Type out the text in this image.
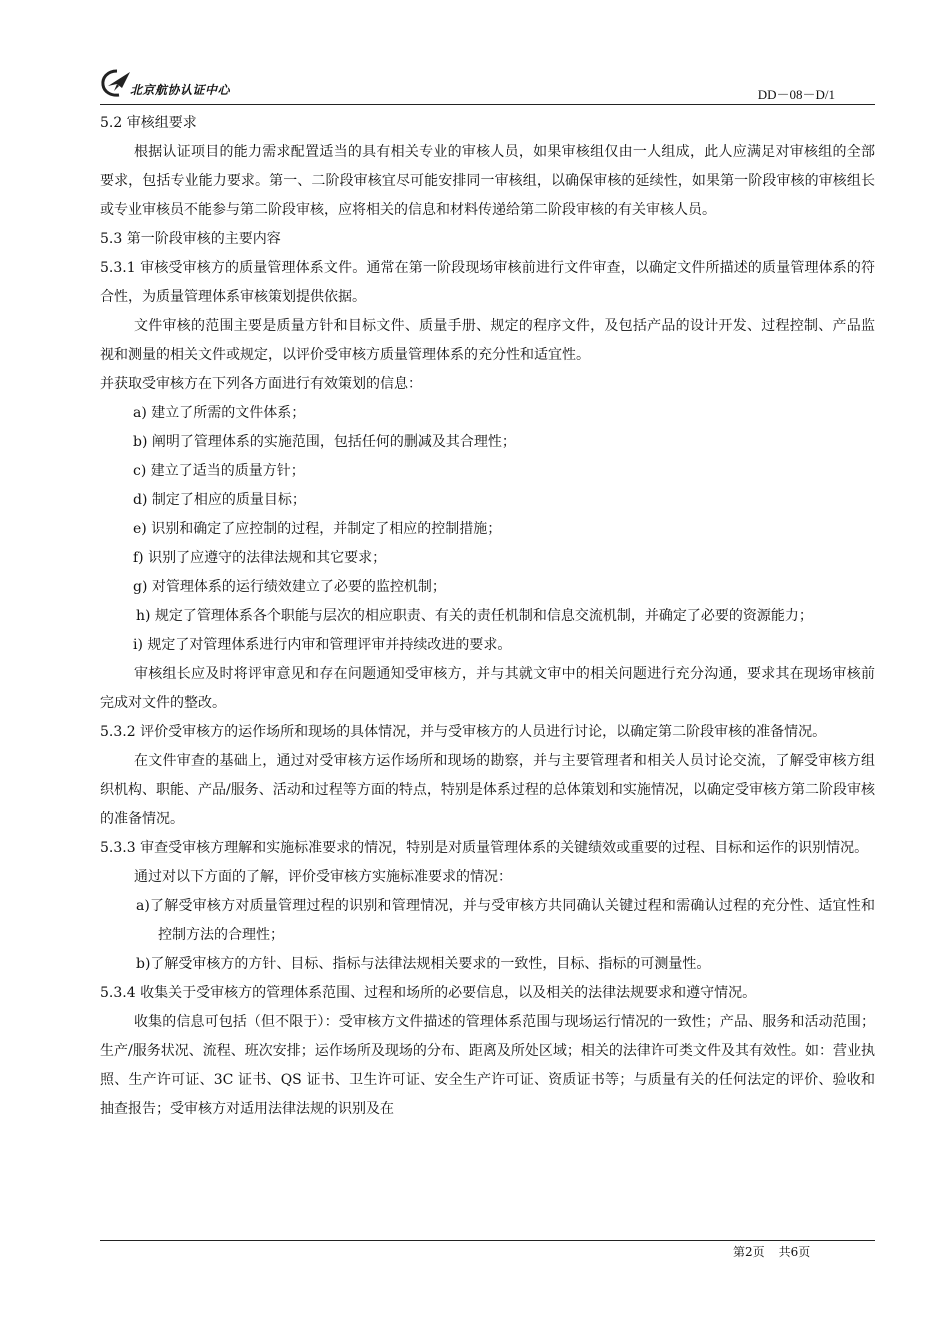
北京航协认证中心	DD－08－D/1

5.2 审核组要求

根据认证项目的能力需求配置适当的具有相关专业的审核人员，如果审核组仅由一人组成，此人应满足对审核组的全部要求，包括专业能力要求。第一、二阶段审核宜尽可能安排同一审核组，以确保审核的延续性，如果第一阶段审核的审核组长或专业审核员不能参与第二阶段审核，应将相关的信息和材料传递给第二阶段审核的有关审核人员。

5.3 第一阶段审核的主要内容

5.3.1 审核受审核方的质量管理体系文件。通常在第一阶段现场审核前进行文件审查，以确定文件所描述的质量管理体系的符合性，为质量管理体系审核策划提供依据。

文件审核的范围主要是质量方针和目标文件、质量手册、规定的程序文件，及包括产品的设计开发、过程控制、产品监视和测量的相关文件或规定，以评价受审核方质量管理体系的充分性和适宜性。

并获取受审核方在下列各方面进行有效策划的信息：

a) 建立了所需的文件体系；

b) 阐明了管理体系的实施范围，包括任何的删减及其合理性；

c) 建立了适当的质量方针；

d) 制定了相应的质量目标；

e) 识别和确定了应控制的过程，并制定了相应的控制措施；

f) 识别了应遵守的法律法规和其它要求；

g) 对管理体系的运行绩效建立了必要的监控机制；

h) 规定了管理体系各个职能与层次的相应职责、有关的责任机制和信息交流机制，并确定了必要的资源能力；

i) 规定了对管理体系进行内审和管理评审并持续改进的要求。

审核组长应及时将评审意见和存在问题通知受审核方，并与其就文审中的相关问题进行充分沟通，要求其在现场审核前完成对文件的整改。

5.3.2 评价受审核方的运作场所和现场的具体情况，并与受审核方的人员进行讨论，以确定第二阶段审核的准备情况。

在文件审查的基础上，通过对受审核方运作场所和现场的勘察，并与主要管理者和相关人员讨论交流，了解受审核方组织机构、职能、产品/服务、活动和过程等方面的特点，特别是体系过程的总体策划和实施情况，以确定受审核方第二阶段审核的准备情况。

5.3.3 审查受审核方理解和实施标准要求的情况，特别是对质量管理体系的关键绩效或重要的过程、目标和运作的识别情况。

通过对以下方面的了解，评价受审核方实施标准要求的情况：

a)了解受审核方对质量管理过程的识别和管理情况，并与受审核方共同确认关键过程和需确认过程的充分性、适宜性和控制方法的合理性；

b)了解受审核方的方针、目标、指标与法律法规相关要求的一致性，目标、指标的可测量性。

5.3.4 收集关于受审核方的管理体系范围、过程和场所的必要信息，以及相关的法律法规要求和遵守情况。

收集的信息可包括（但不限于）：受审核方文件描述的管理体系范围与现场运行情况的一致性；产品、服务和活动范围；生产/服务状况、流程、班次安排；运作场所及现场的分布、距离及所处区域；相关的法律许可类文件及其有效性。如：营业执照、生产许可证、3C 证书、QS 证书、卫生许可证、安全生产许可证、资质证书等；与质量有关的任何法定的评价、验收和抽查报告；受审核方对适用法律法规的识别及在

第2页 共6页
